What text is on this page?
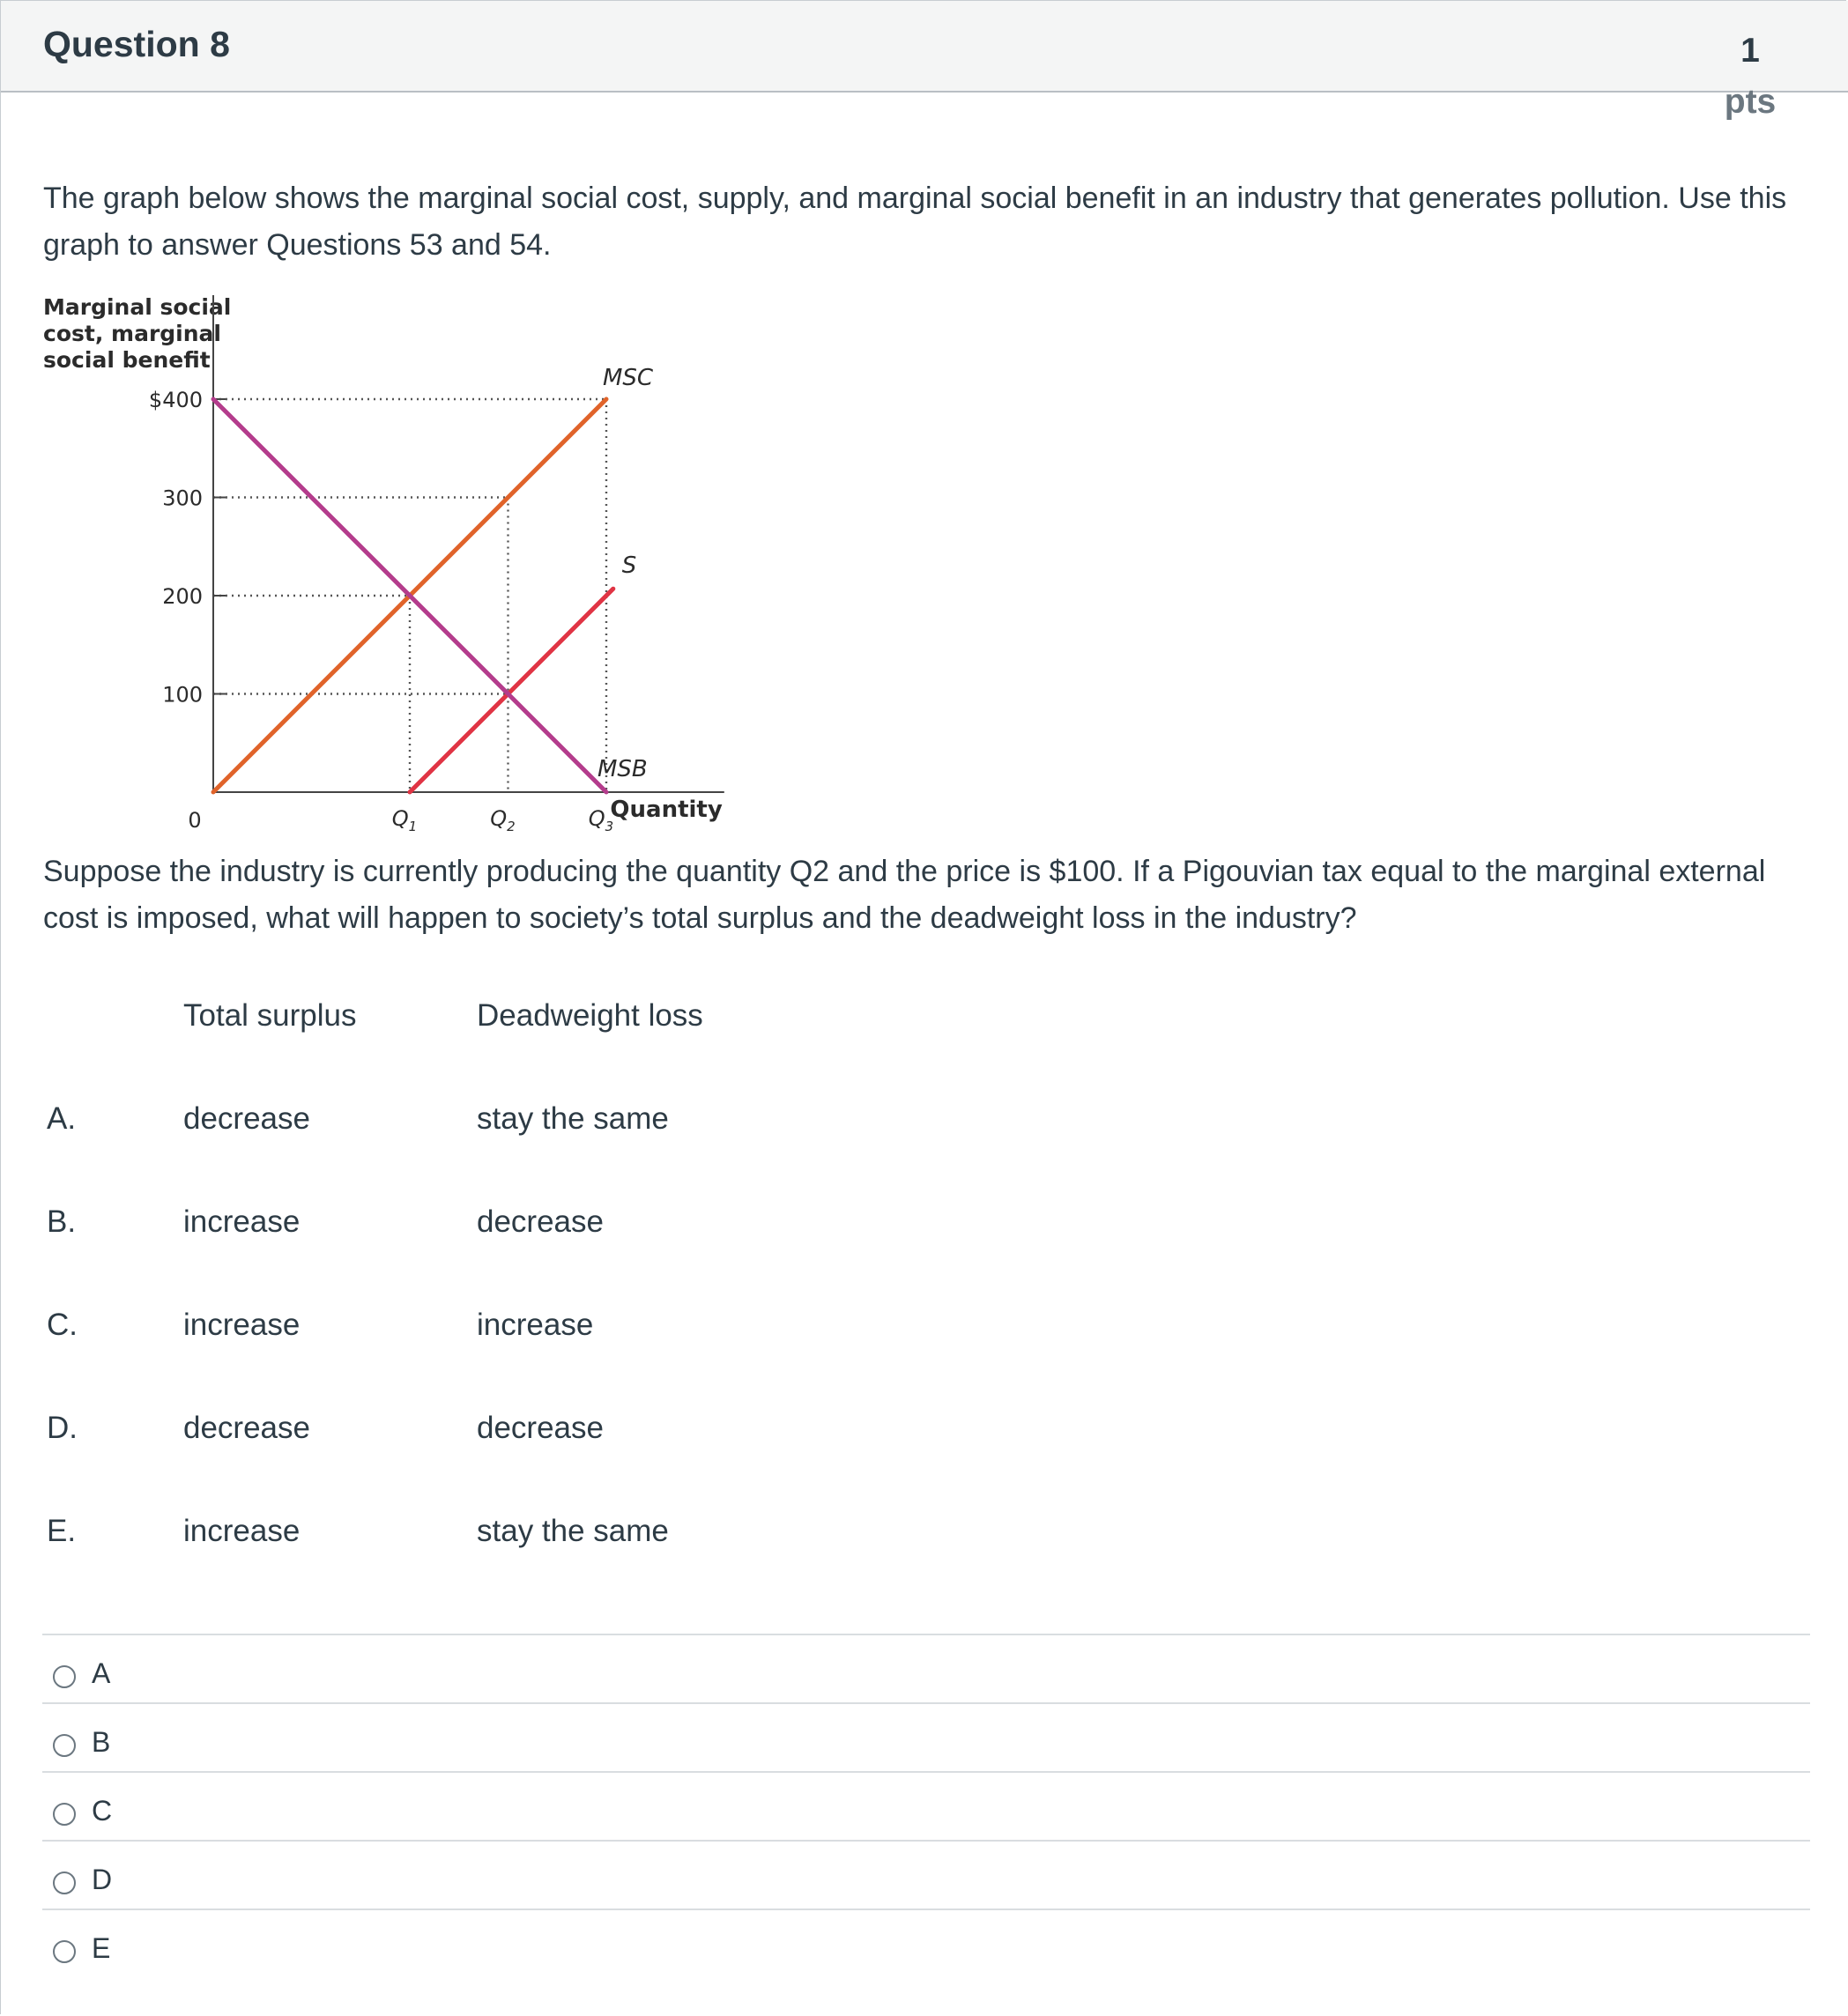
Question 8	1
pts
The graph below shows the marginal social cost, supply, and marginal social benefit in an industry that generates pollution. Use this graph to answer Questions 53 and 54.
Marginal social
cost, marginal
social benefit
$400
300
200
100
0	$Q_1$	$Q_2$	$Q_3$
Quantity
MSC
S
MSB
Suppose the industry is currently producing the quantity Q2 and the price is $100. If a Pigouvian tax equal to the marginal external cost is imposed, what will happen to society’s total surplus and the deadweight loss in the industry?
Total surplus	Deadweight loss
A.	decrease	stay the same
B.	increase	decrease
C.	increase	increase
D.	decrease	decrease
E.	increase	stay the same
A
B
C
D
E
